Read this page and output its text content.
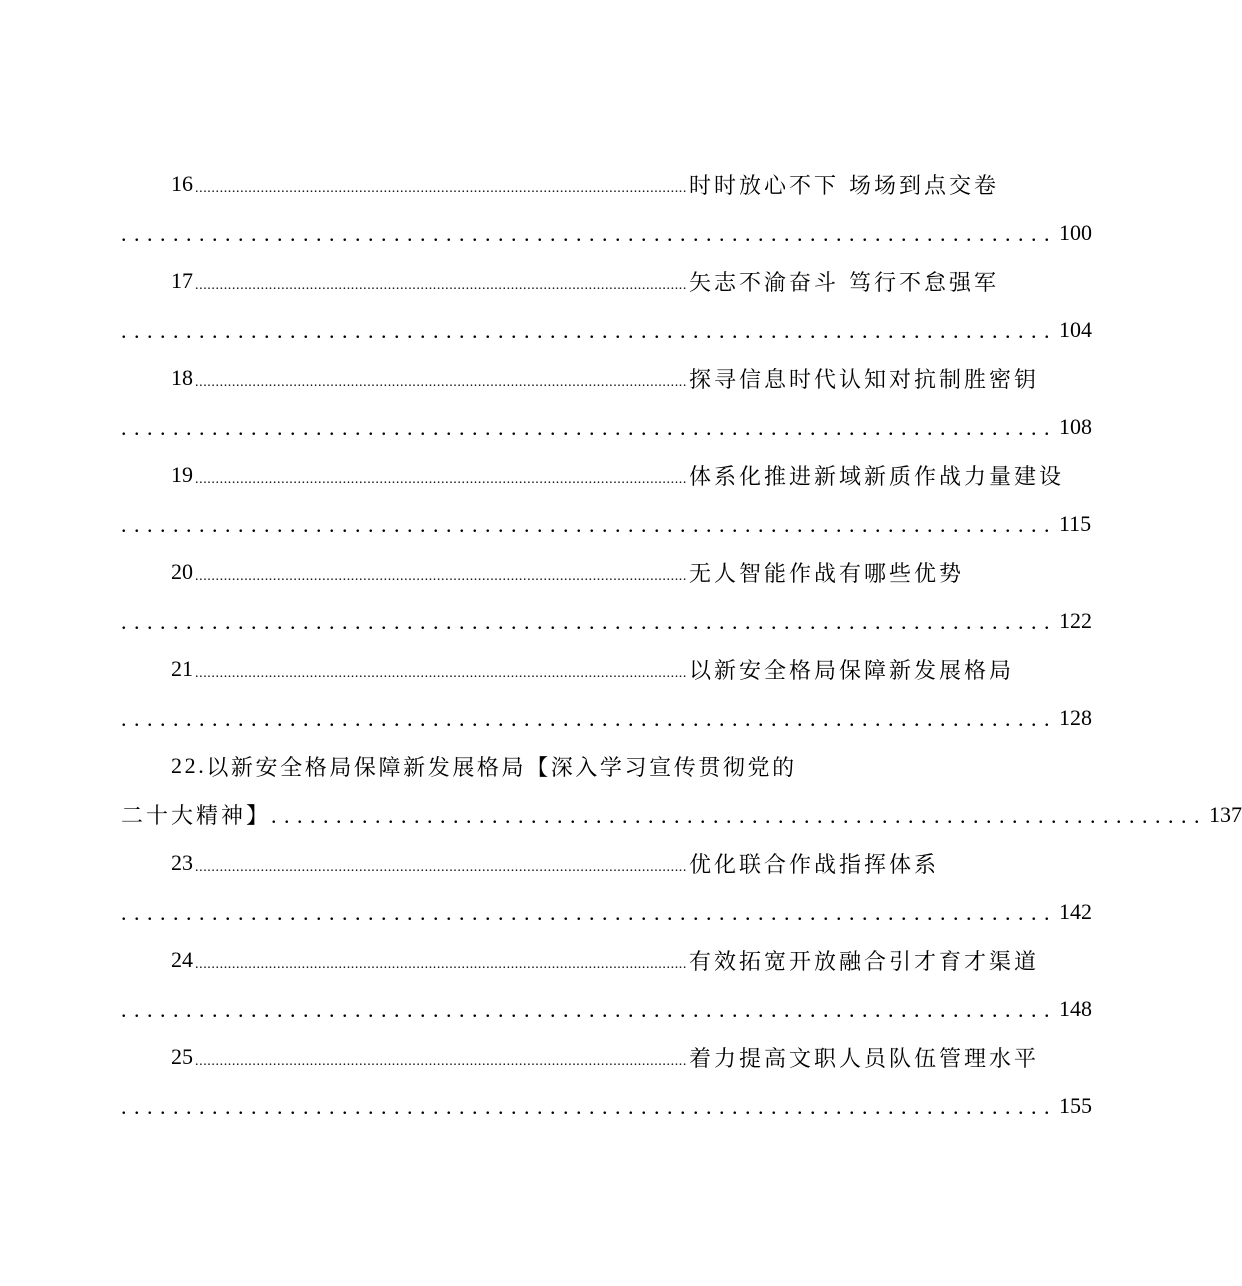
16 ........................................................................................................................ 时时放心不下 场场到点交卷
........................................................................ 100
17 ........................................................................................................................ 矢志不渝奋斗 笃行不怠强军
........................................................................ 104
18 ........................................................................................................................ 探寻信息时代认知对抗制胜密钥
........................................................................ 108
19 ........................................................................................................................ 体系化推进新域新质作战力量建设
........................................................................ 115
20 ........................................................................................................................ 无人智能作战有哪些优势
........................................................................ 122
21 ........................................................................................................................ 以新安全格局保障新发展格局
........................................................................ 128
22. 以新安全格局保障新发展格局【深入学习宣传贯彻党的
二十大精神】 ........................................................................ 137
23 ........................................................................................................................ 优化联合作战指挥体系
........................................................................ 142
24 ........................................................................................................................ 有效拓宽开放融合引才育才渠道
........................................................................ 148
25 ........................................................................................................................ 着力提高文职人员队伍管理水平
........................................................................ 155
